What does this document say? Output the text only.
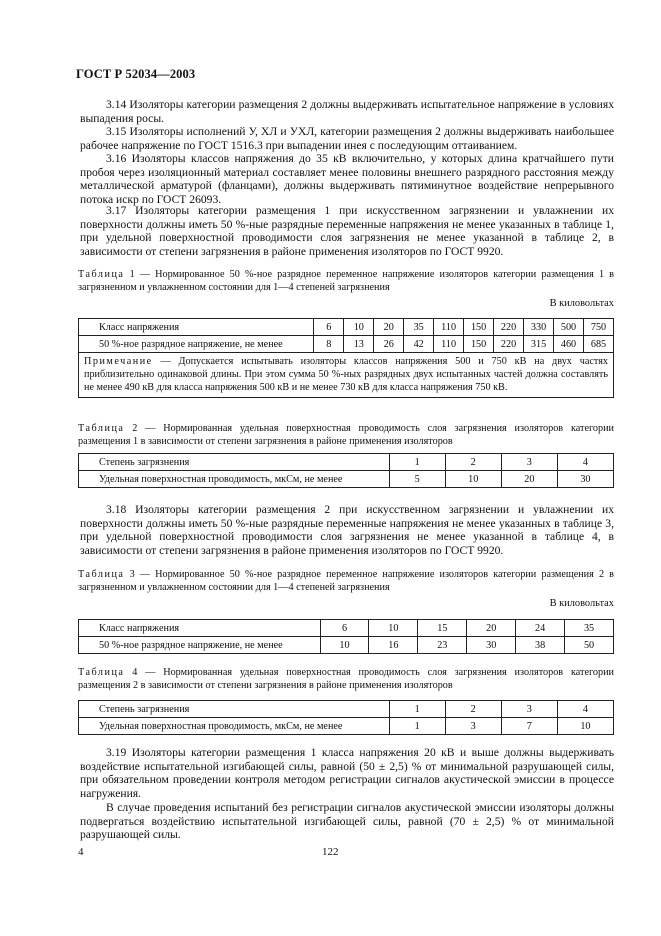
ГОСТ Р 52034—2003

3.14 Изоляторы категории размещения 2 должны выдерживать испытательное напряжение в условиях выпадения росы.

3.15 Изоляторы исполнений У, ХЛ и УХЛ, категории размещения 2 должны выдерживать наибольшее рабочее напряжение по ГОСТ 1516.3 при выпадении инея с последующим оттаиванием.

3.16 Изоляторы классов напряжения до 35 кВ включительно, у которых длина кратчайшего пути пробоя через изоляционный материал составляет менее половины внешнего разрядного расстояния между металлической арматурой (фланцами), должны выдерживать пятиминутное воздействие непрерывного потока искр по ГОСТ 26093.

3.17 Изоляторы категории размещения 1 при искусственном загрязнении и увлажнении их поверхности должны иметь 50 %-ные разрядные переменные напряжения не менее указанных в таблице 1, при удельной поверхностной проводимости слоя загрязнения не менее указанной в таблице 2, в зависимости от степени загрязнения в районе применения изоляторов по ГОСТ 9920.

Таблица 1 — Нормированное 50 %-ное разрядное переменное напряжение изоляторов категории размещения 1 в загрязненном и увлажненном состоянии для 1—4 степеней загрязнения

В киловольтах
Класс напряжения	6	10	20	35	110	150	220	330	500	750
50 %-ное разрядное напряжение, не менее	8	13	26	42	110	150	220	315	460	685
Примечание — Допускается испытывать изоляторы классов напряжения 500 и 750 кВ на двух частях приблизительно одинаковой длины. При этом сумма 50 %-ных разрядных двух испытанных частей должна составлять не менее 490 кВ для класса напряжения 500 кВ и не менее 730 кВ для класса напряжения 750 кВ.										

Таблица 2 — Нормированная удельная поверхностная проводимость слоя загрязнения изоляторов категории размещения 1 в зависимости от степени загрязнения в районе применения изоляторов

Степень загрязнения	1	2	3	4
Удельная поверхностная проводимость, мкСм, не менее	5	10	20	30

3.18 Изоляторы категории размещения 2 при искусственном загрязнении и увлажнении их поверхности должны иметь 50 %-ные разрядные переменные напряжения не менее указанных в таблице 3, при удельной поверхностной проводимости слоя загрязнения не менее указанной в таблице 4, в зависимости от степени загрязнения в районе применения изоляторов по ГОСТ 9920.

Таблица 3 — Нормированное 50 %-ное разрядное переменное напряжение изоляторов категории размещения 2 в загрязненном и увлажненном состоянии для 1—4 степеней загрязнения

В киловольтах
Класс напряжения	6	10	15	20	24	35
50 %-ное разрядное напряжение, не менее	10	16	23	30	38	50

Таблица 4 — Нормированная удельная поверхностная проводимость слоя загрязнения изоляторов категории размещения 2 в зависимости от степени загрязнения в районе применения изоляторов

Степень загрязнения	1	2	3	4
Удельная поверхностная проводимость, мкСм, не менее	1	3	7	10

3.19 Изоляторы категории размещения 1 класса напряжения 20 кВ и выше должны выдерживать воздействие испытательной изгибающей силы, равной (50 ± 2,5) % от минимальной разрушающей силы, при обязательном проведении контроля методом регистрации сигналов акустической эмиссии в процессе нагружения.

В случае проведения испытаний без регистрации сигналов акустической эмиссии изоляторы должны подвергаться воздействию испытательной изгибающей силы, равной (70 ± 2,5) % от минимальной разрушающей силы.

4	122
